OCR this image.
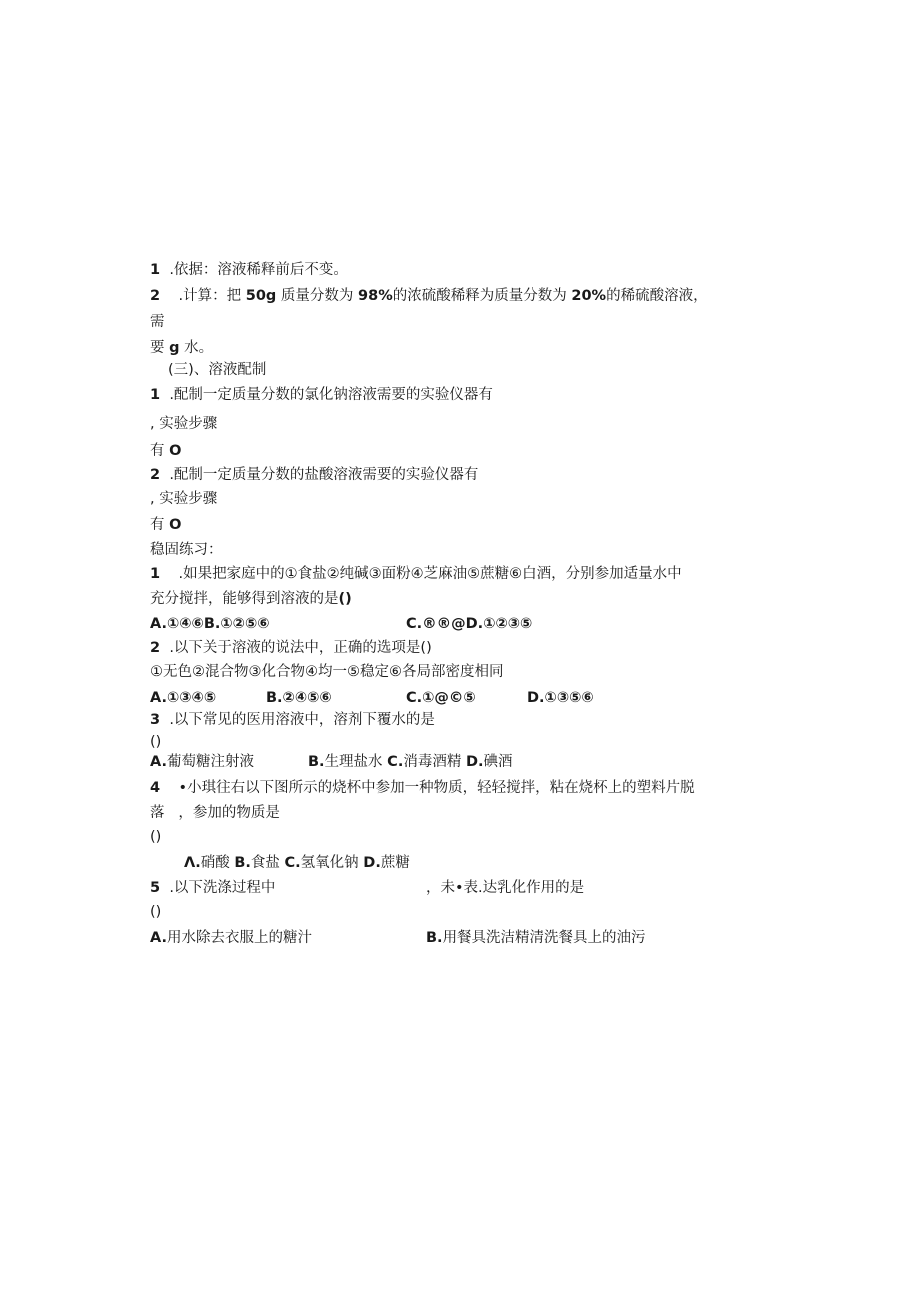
1 .依据：溶液稀释前后不变。
2 .计算：把 50g 质量分数为 98%的浓硫酸稀释为质量分数为 20%的稀硫酸溶液，
需
要 g 水。
(三)、溶液配制
1 .配制一定质量分数的氯化钠溶液需要的实验仪器有
, 实验步骤
有 O
2 .配制一定质量分数的盐酸溶液需要的实验仪器有
, 实验步骤
有 O
稳固练习：
1 .如果把家庭中的①食盐②纯碱③面粉④芝麻油⑤蔗糖⑥白酒，分别参加适量水中
充分搅拌，能够得到溶液的是()
A.①④⑥B.①②⑤⑥	C.®®@D.①②③⑤
2 .以下关于溶液的说法中，正确的选项是()
①无色②混合物③化合物④均一⑤稳定⑥各局部密度相同
A.①③④⑤	B.②④⑤⑥	C.①@©⑤	D.①③⑤⑥
3 .以下常见的医用溶液中，溶剂下覆水的是
()
A.葡萄糖注射液	B.生理盐水 C.消毒酒精 D.碘酒
4 •小琪往右以下图所示的烧杯中参加一种物质，轻轻搅拌，粘在烧杯上的塑料片脱
落   ，参加的物质是
()
Λ.硝酸 B.食盐 C.氢氧化钠 D.蔗糖
5 .以下洗涤过程中	，未•表.达乳化作用的是
()
A.用水除去衣服上的糖汁	B.用餐具洗洁精清洗餐具上的油污
